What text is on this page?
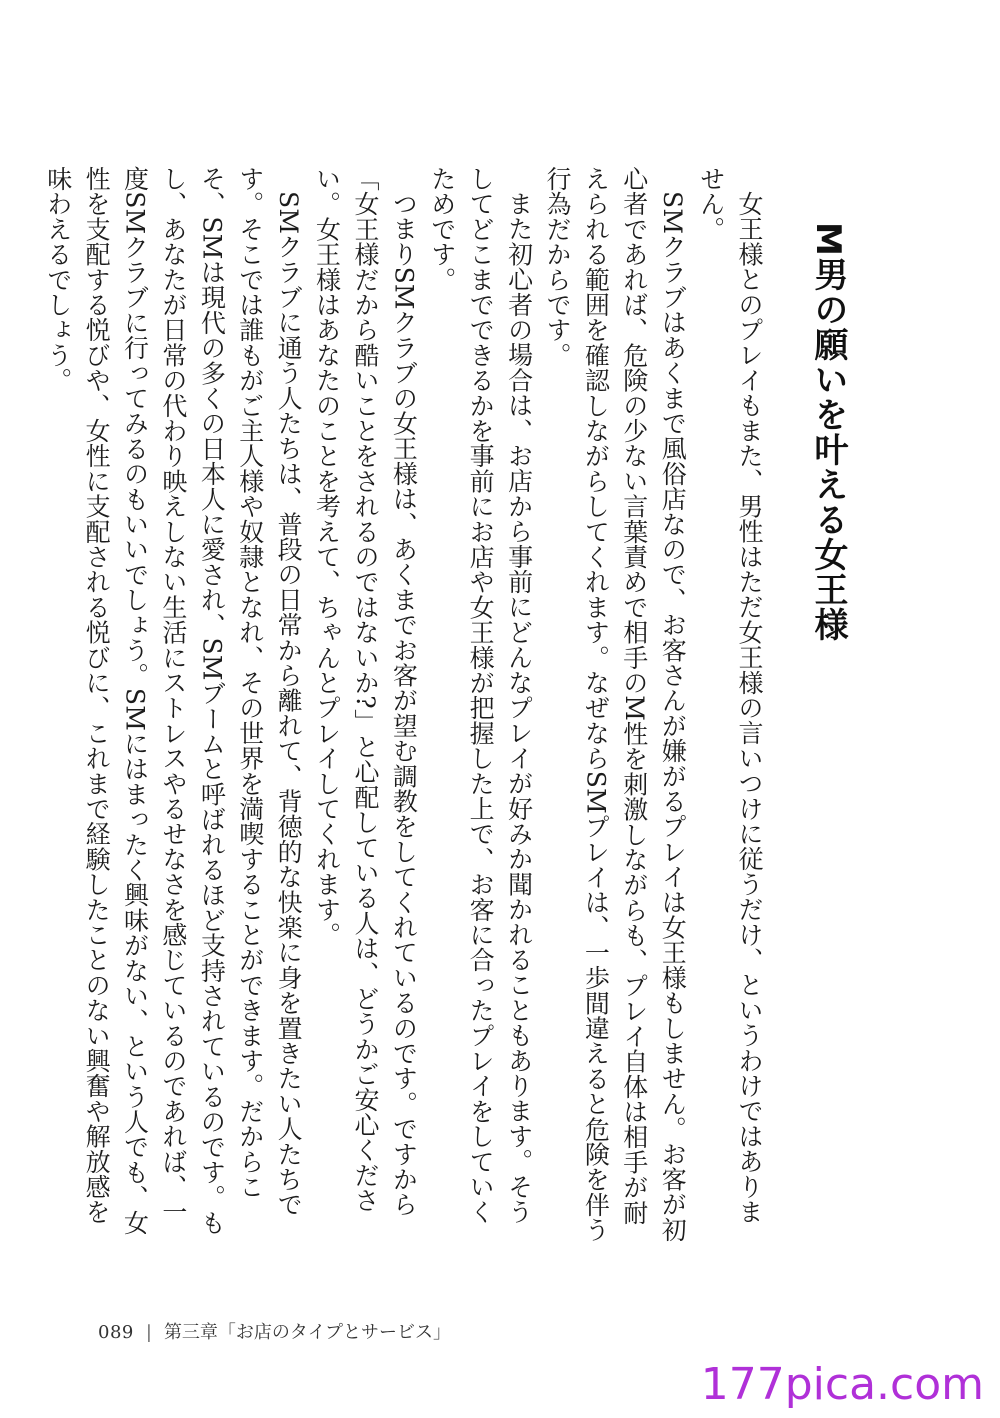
M男の願いを叶える女王様

女王様とのプレイもまた、男性はただ女王様の言いつけに従うだけ、というわけではありません。

SMクラブはあくまで風俗店なので、お客さんが嫌がるプレイは女王様もしません。お客が初心者であれば、危険の少ない言葉責めで相手のM性を刺激しながらも、プレイ自体は相手が耐えられる範囲を確認しながらしてくれます。なぜならSMプレイは、一歩間違えると危険を伴う行為だからです。

また初心者の場合は、お店から事前にどんなプレイが好みか聞かれることもあります。そうしてどこまでできるかを事前にお店や女王様が把握した上で、お客に合ったプレイをしていくためです。

つまりSMクラブの女王様は、あくまでお客が望む調教をしてくれているのです。ですから「女王様だから酷いことをされるのではないか?」と心配している人は、どうかご安心ください。女王様はあなたのことを考えて、ちゃんとプレイしてくれます。

SMクラブに通う人たちは、普段の日常から離れて、背徳的な快楽に身を置きたい人たちです。そこでは誰もがご主人様や奴隷となれ、その世界を満喫することができます。だからこそ、SMは現代の多くの日本人に愛され、SMブームと呼ばれるほど支持されているのです。もし、あなたが日常の代わり映えしない生活にストレスやるせなさを感じているのであれば、一度SMクラブに行ってみるのもいいでしょう。SMにはまったく興味がない、という人でも、女性を支配する悦びや、女性に支配される悦びに、これまで経験したことのない興奮や解放感を味わえるでしょう。

089 | 第三章「お店のタイプとサービス」
177pica.com
